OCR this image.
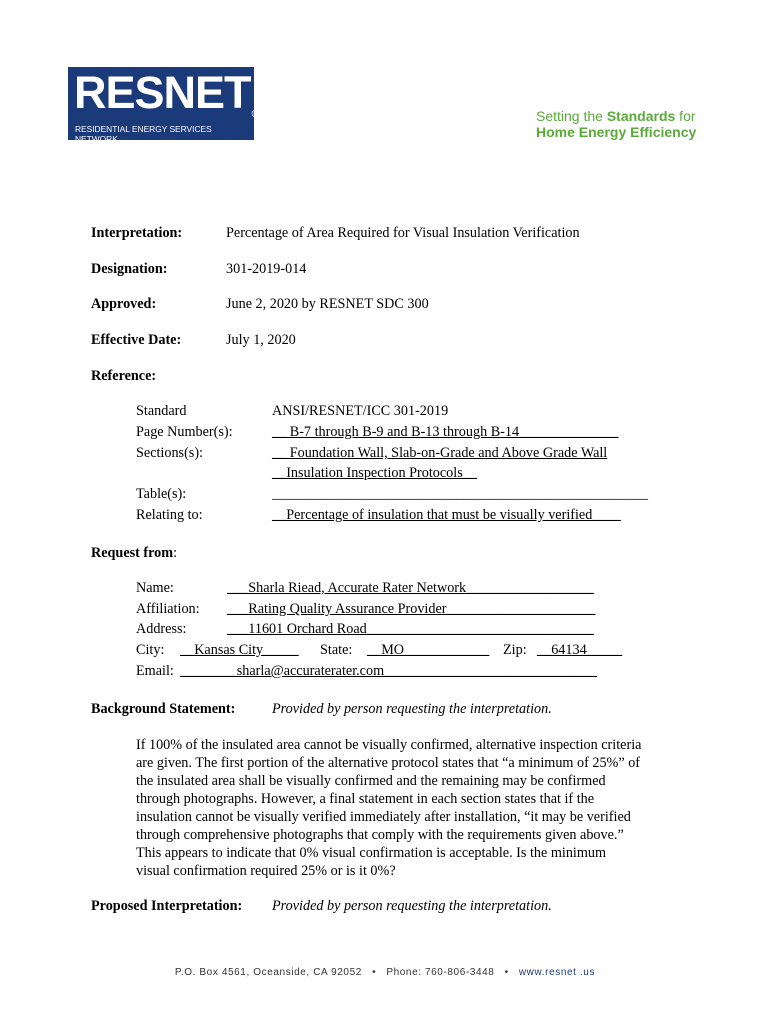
RESNET®
RESIDENTIAL ENERGY SERVICES NETWORK
Setting the Standards for
Home Energy Efficiency
Interpretation:	Percentage of Area Required for Visual Insulation Verification
Designation:	301-2019-014
Approved:	June 2, 2020 by RESNET SDC 300
Effective Date:	July 1, 2020
Reference:
Standard	ANSI/RESNET/ICC 301-2019
Page Number(s):	__ B-7 through B-9 and B-13 through B-14______________
Sections(s):	__ Foundation Wall, Slab-on-Grade and Above Grade Wall
__Insulation Inspection Protocols__
Table(s):	_____________________________________________________
Relating to:	__Percentage of insulation that must be visually verified____
Request from:
Name:	___Sharla Riead, Accurate Rater Network__________________
Affiliation: ___Rating Quality Assurance Provider_____________________
Address:	___11601 Orchard Road________________________________
City: __Kansas City_____ State: __MO____________ Zip: __64134_____
Email: ________sharla@accuraterater.com______________________________
Background Statement:	Provided by person requesting the interpretation.
If 100% of the insulated area cannot be visually confirmed, alternative inspection criteria
are given. The first portion of the alternative protocol states that “a minimum of 25%” of
the insulated area shall be visually confirmed and the remaining may be confirmed
through photographs. However, a final statement in each section states that if the
insulation cannot be visually verified immediately after installation, “it may be verified
through comprehensive photographs that comply with the requirements given above.”
This appears to indicate that 0% visual confirmation is acceptable. Is the minimum
visual confirmation required 25% or is it 0%?
Proposed Interpretation: Provided by person requesting the interpretation.
P.O. Box 4561, Oceanside, CA 92052 • Phone: 760-806-3448 • www.resnet .us
